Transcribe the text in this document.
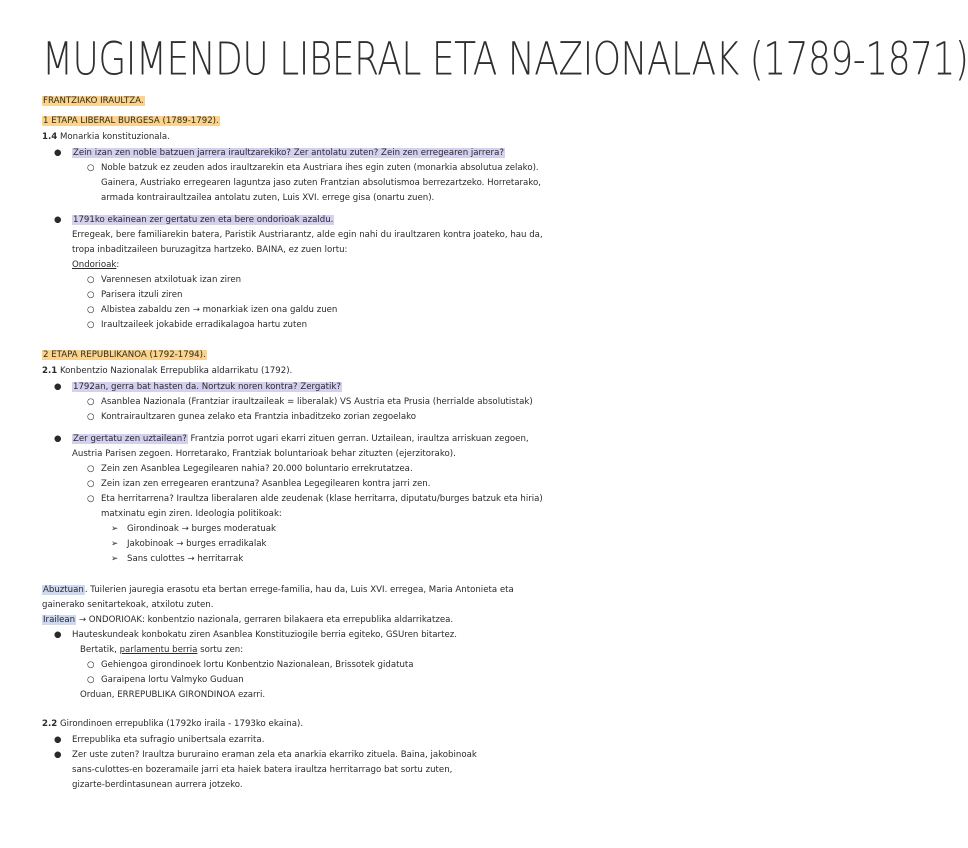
MUGIMENDU LIBERAL ETA NAZIONALAK (1789-1871)
FRANTZIAKO IRAULTZA.
1 ETAPA LIBERAL BURGESA (1789-1792).
1.4 Monarkia konstituzionala.
● Zein izan zen noble batzuen jarrera iraultzarekiko? Zer antolatu zuten? Zein zen erregearen jarrera?
○ Noble batzuk ez zeuden ados iraultzarekin eta Austriara ihes egin zuten (monarkia absolutua zelako).
Gainera, Austriako erregearen laguntza jaso zuten Frantzian absolutismoa berrezartzeko. Horretarako,
armada kontrairaultzailea antolatu zuten, Luis XVI. errege gisa (onartu zuen).
● 1791ko ekainean zer gertatu zen eta bere ondorioak azaldu.
Erregeak, bere familiarekin batera, Paristik Austriarantz, alde egin nahi du iraultzaren kontra joateko, hau da,
tropa inbaditzaileen buruzagitza hartzeko. BAINA, ez zuen lortu:
Ondorioak:
○ Varennesen atxilotuak izan ziren
○ Parisera itzuli ziren
○ Albistea zabaldu zen → monarkiak izen ona galdu zuen
○ Iraultzaileek jokabide erradikalagoa hartu zuten
2 ETAPA REPUBLIKANOA (1792-1794).
2.1 Konbentzio Nazionalak Errepublika aldarrikatu (1792).
● 1792an, gerra bat hasten da. Nortzuk noren kontra? Zergatik?
○ Asanblea Nazionala (Frantziar iraultzaileak = liberalak) VS Austria eta Prusia (herrialde absolutistak)
○ Kontrairaultzaren gunea zelako eta Frantzia inbaditzeko zorian zegoelako
● Zer gertatu zen uztailean? Frantzia porrot ugari ekarri zituen gerran. Uztailean, iraultza arriskuan zegoen,
Austria Parisen zegoen. Horretarako, Frantziak boluntarioak behar zituzten (ejerzitorako).
○ Zein zen Asanblea Legegilearen nahia? 20.000 boluntario errekrutatzea.
○ Zein izan zen erregearen erantzuna? Asanblea Legegilearen kontra jarri zen.
○ Eta herritarrena? Iraultza liberalaren alde zeudenak (klase herritarra, diputatu/burges batzuk eta hiria)
matxinatu egin ziren. Ideologia politikoak:
➢ Girondinoak → burges moderatuak
➢ Jakobinoak → burges erradikalak
➢ Sans culottes → herritarrak
Abuztuan. Tuilerien jauregia erasotu eta bertan errege-familia, hau da, Luis XVI. erregea, Maria Antonieta eta
gainerako senitartekoak, atxilotu zuten.
Irailean → ONDORIOAK: konbentzio nazionala, gerraren bilakaera eta errepublika aldarrikatzea.
● Hauteskundeak konbokatu ziren Asanblea Konstituziogile berria egiteko, GSUren bitartez.
Bertatik, parlamentu berria sortu zen:
○ Gehiengoa girondinoek lortu Konbentzio Nazionalean, Brissotek gidatuta
○ Garaipena lortu Valmyko Guduan
Orduan, ERREPUBLIKA GIRONDINOA ezarri.
2.2 Girondinoen errepublika (1792ko iraila - 1793ko ekaina).
● Errepublika eta sufragio unibertsala ezarrita.
● Zer uste zuten? Iraultza bururaino eraman zela eta anarkia ekarriko zituela. Baina, jakobinoak
sans-culottes-en bozeramaile jarri eta haiek batera iraultza herritarrago bat sortu zuten,
gizarte-berdintasunean aurrera jotzeko.
